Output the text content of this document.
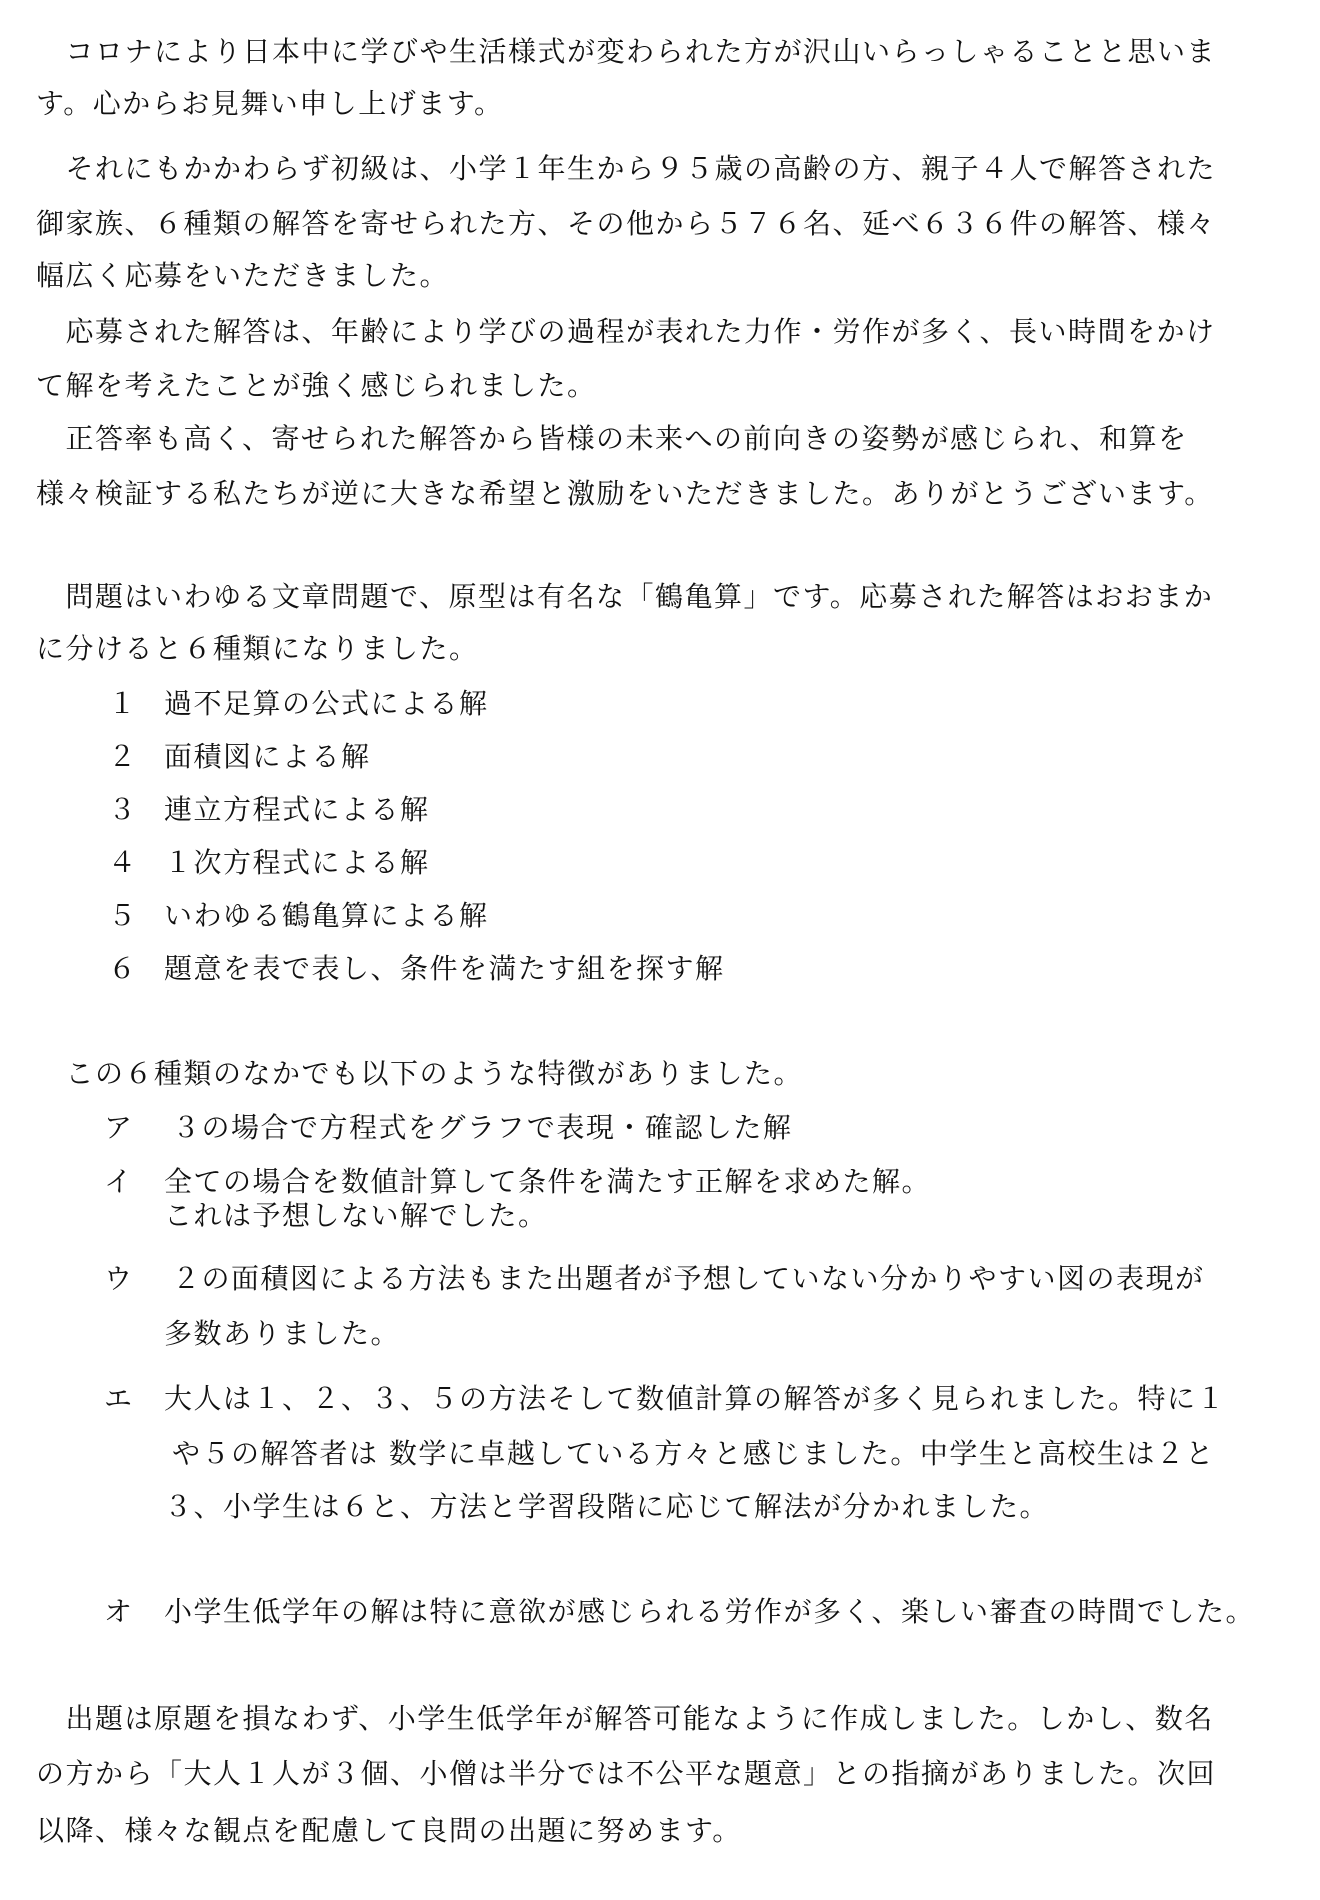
　コロナにより日本中に学びや生活様式が変わられた方が沢山いらっしゃることと思いま
す。心からお見舞い申し上げます。
　それにもかかわらず初級は、小学１年生から９５歳の高齢の方、親子４人で解答された
御家族、６種類の解答を寄せられた方、その他から５７６名、延べ６３６件の解答、様々
幅広く応募をいただきました。
　応募された解答は、年齢により学びの過程が表れた力作・労作が多く、長い時間をかけ
て解を考えたことが強く感じられました。
　正答率も高く、寄せられた解答から皆様の未来への前向きの姿勢が感じられ、和算を
様々検証する私たちが逆に大きな希望と激励をいただきました。ありがとうございます。
　問題はいわゆる文章問題で、原型は有名な「鶴亀算」です。応募された解答はおおまか
に分けると６種類になりました。
１ 過不足算の公式による解
２ 面積図による解
３ 連立方程式による解
４ １次方程式による解
５ いわゆる鶴亀算による解
６ 題意を表で表し、条件を満たす組を探す解
　この６種類のなかでも以下のような特徴がありました。
ア ３の場合で方程式をグラフで表現・確認した解
イ 全ての場合を数値計算して条件を満たす正解を求めた解。
これは予想しない解でした。
ウ ２の面積図による方法もまた出題者が予想していない分かりやすい図の表現が
多数ありました。
エ 大人は１、２、３、５の方法そして数値計算の解答が多く見られました。特に１
や５の解答者は 数学に卓越している方々と感じました。中学生と高校生は２と
３、小学生は６と、方法と学習段階に応じて解法が分かれました。
オ 小学生低学年の解は特に意欲が感じられる労作が多く、楽しい審査の時間でした。
　出題は原題を損なわず、小学生低学年が解答可能なように作成しました。しかし、数名
の方から「大人１人が３個、小僧は半分では不公平な題意」との指摘がありました。次回
以降、様々な観点を配慮して良問の出題に努めます。
